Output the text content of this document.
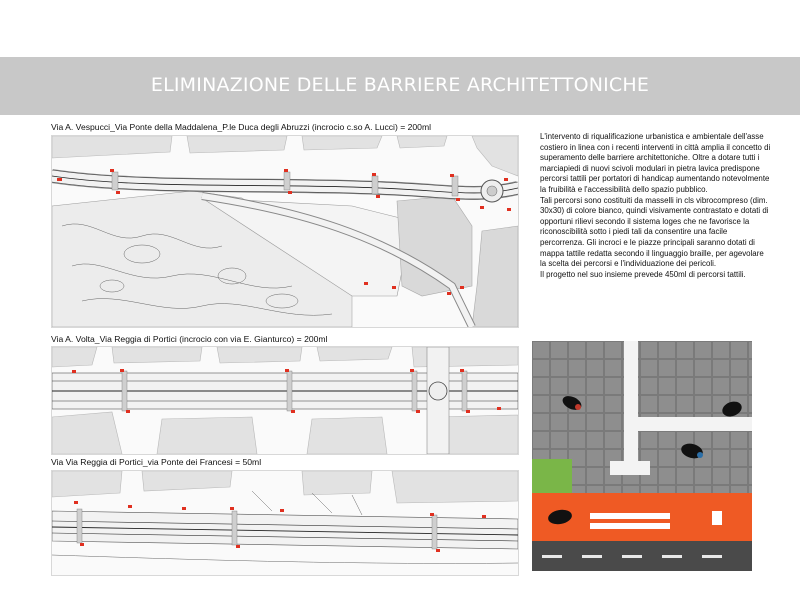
ELIMINAZIONE DELLE BARRIERE ARCHITETTONICHE
Via A. Vespucci_Via Ponte della Maddalena_P.le Duca degli Abruzzi (incrocio c.so A. Lucci) = 200ml

L'intervento di riqualificazione urbanistica e ambientale dell'asse costiero in linea con i recenti interventi in città amplia il concetto di superamento delle barriere architettoniche. Oltre a dotare tutti i marciapiedi di nuovi scivoli modulari in pietra lavica predispone percorsi tattili per portatori di handicap aumentando notevolmente la fruibilità e l'accessibilità dello spazio pubblico.

Tali percorsi sono costituiti da masselli in cls vibrocompreso (dim. 30x30) di colore bianco, quindi visivamente contrastato e dotati di opportuni rilievi secondo il sistema loges che ne favorisce la riconoscibilità sotto i piedi tali da consentire una facile percorrenza. Gli incroci e le piazze principali saranno dotati di mappa tattile redatta secondo il linguaggio braille, per agevolare la scelta dei percorsi e l'individuazione dei pericoli.

Il progetto nel suo insieme prevede 450ml di percorsi tattili.

Via A. Volta_Via Reggia di Portici (incrocio con via E. Gianturco) = 200ml
Via Via Reggia di Portici_via Ponte dei Francesi = 50ml
